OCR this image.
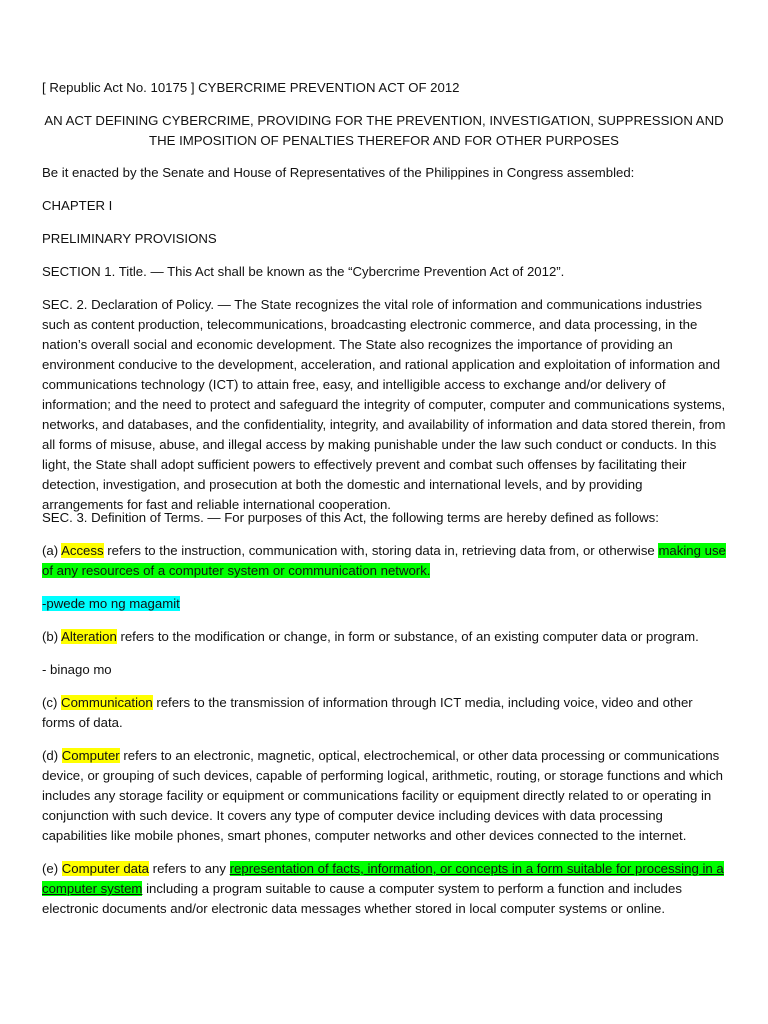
[ Republic Act No. 10175 ] CYBERCRIME PREVENTION ACT OF 2012

AN ACT DEFINING CYBERCRIME, PROVIDING FOR THE PREVENTION, INVESTIGATION, SUPPRESSION AND THE IMPOSITION OF PENALTIES THEREFOR AND FOR OTHER PURPOSES

Be it enacted by the Senate and House of Representatives of the Philippines in Congress assembled:

CHAPTER I

PRELIMINARY PROVISIONS

SECTION 1. Title. — This Act shall be known as the “Cybercrime Prevention Act of 2012”.

SEC. 2. Declaration of Policy. — The State recognizes the vital role of information and communications industries such as content production, telecommunications, broadcasting electronic commerce, and data processing, in the nation’s overall social and economic development. The State also recognizes the importance of providing an environment conducive to the development, acceleration, and rational application and exploitation of information and communications technology (ICT) to attain free, easy, and intelligible access to exchange and/or delivery of information; and the need to protect and safeguard the integrity of computer, computer and communications systems, networks, and databases, and the confidentiality, integrity, and availability of information and data stored therein, from all forms of misuse, abuse, and illegal access by making punishable under the law such conduct or conducts. In this light, the State shall adopt sufficient powers to effectively prevent and combat such offenses by facilitating their detection, investigation, and prosecution at both the domestic and international levels, and by providing arrangements for fast and reliable international cooperation.

SEC. 3. Definition of Terms. — For purposes of this Act, the following terms are hereby defined as follows:

(a) Access refers to the instruction, communication with, storing data in, retrieving data from, or otherwise making use of any resources of a computer system or communication network.

-pwede mo ng magamit

(b) Alteration refers to the modification or change, in form or substance, of an existing computer data or program.

- binago mo

(c) Communication refers to the transmission of information through ICT media, including voice, video and other forms of data.

(d) Computer refers to an electronic, magnetic, optical, electrochemical, or other data processing or communications device, or grouping of such devices, capable of performing logical, arithmetic, routing, or storage functions and which includes any storage facility or equipment or communications facility or equipment directly related to or operating in conjunction with such device. It covers any type of computer device including devices with data processing capabilities like mobile phones, smart phones, computer networks and other devices connected to the internet.

(e) Computer data refers to any representation of facts, information, or concepts in a form suitable for processing in a computer system including a program suitable to cause a computer system to perform a function and includes electronic documents and/or electronic data messages whether stored in local computer systems or online.
